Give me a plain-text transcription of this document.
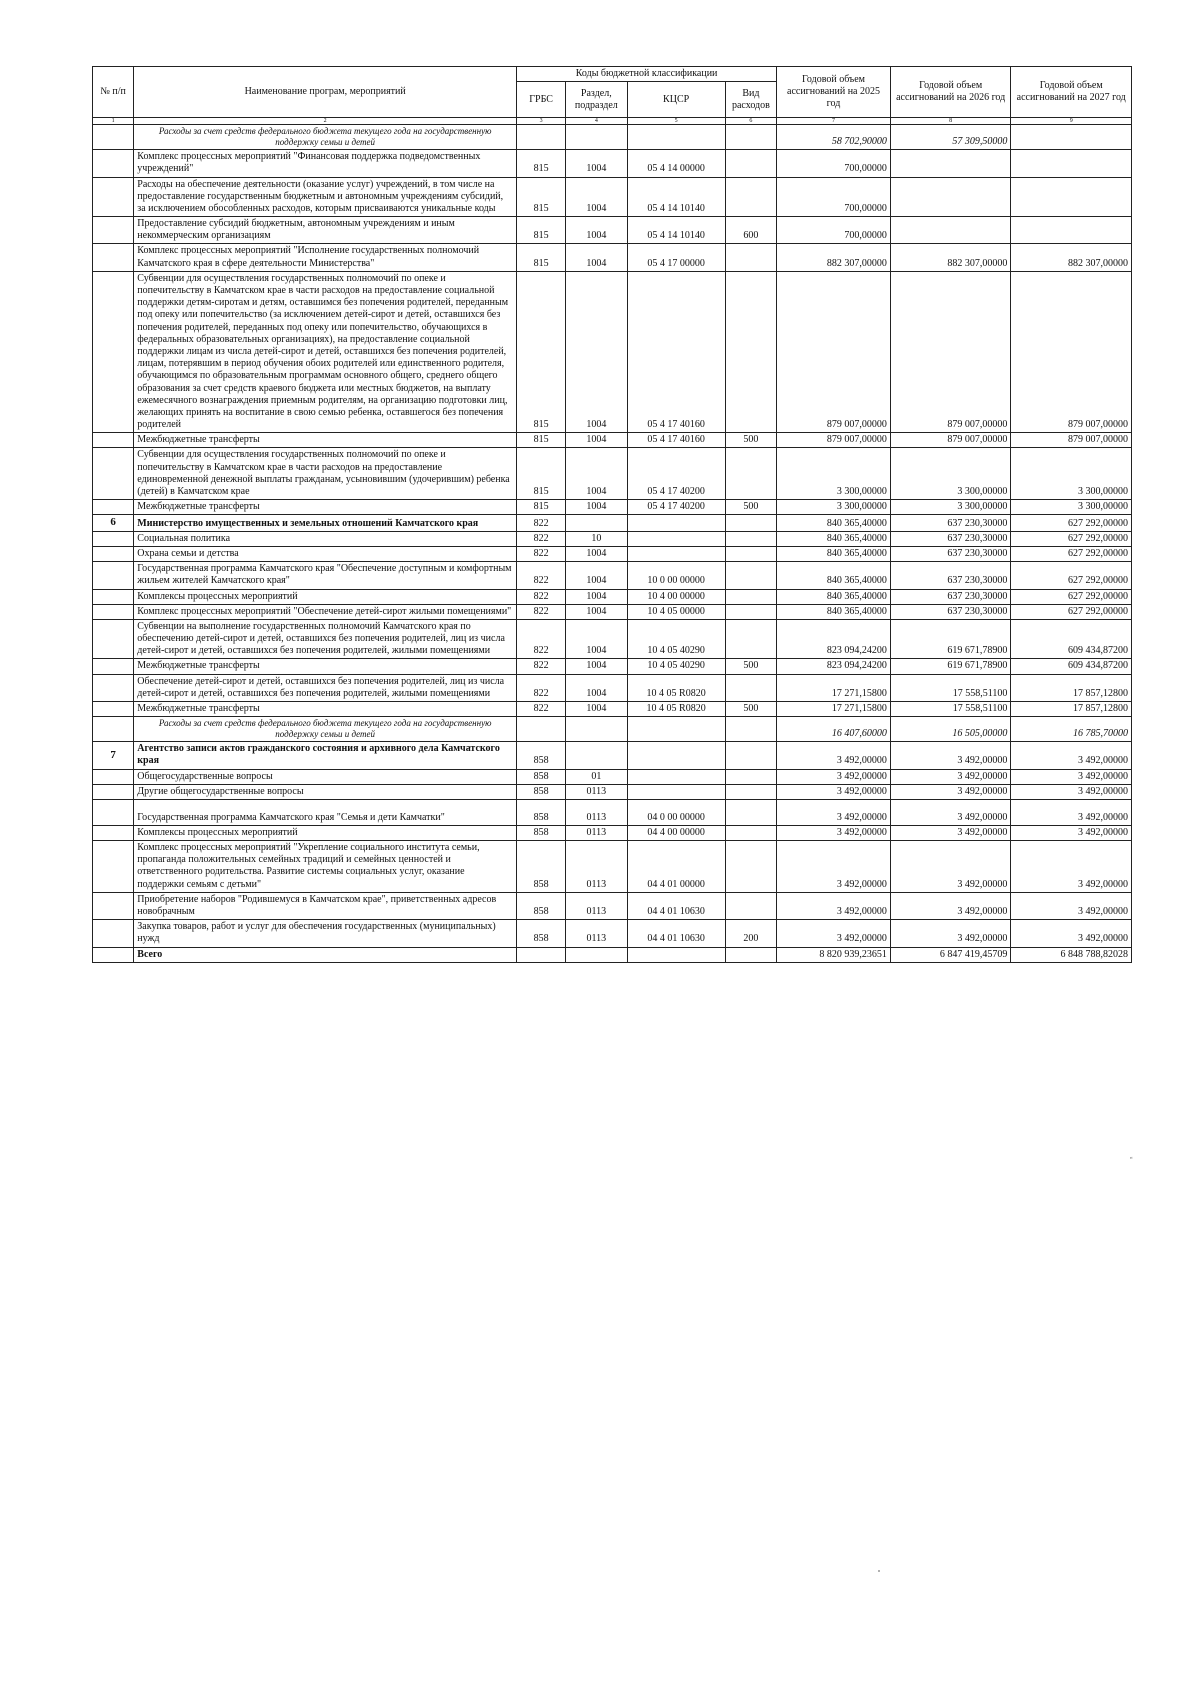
№ п/п	Наименование програм, мероприятий	Коды бюджетной классификации				Годовой объем ассигнований на 2025 год	Годовой объем ассигнований на 2026 год	Годовой объем ассигнований на 2027 год
		ГРБС	Раздел, подраздел	КЦСР	Вид расходов			
1	2	3	4	5	6	7	8	9
	Расходы за счет средств федерального бюджета текущего года на государственную поддержку семьи и детей					58 702,90000	57 309,50000	
	Комплекс процессных мероприятий "Финансовая поддержка подведомственных учреждений"	815	1004	05 4 14 00000		700,00000		
	Расходы на обеспечение деятельности (оказание услуг) учреждений, в том числе на предоставление государственным бюджетным и автономным учреждениям субсидий, за исключением обособленных расходов, которым присваиваются уникальные коды	815	1004	05 4 14 10140		700,00000		
	Предоставление субсидий бюджетным, автономным учреждениям и иным некоммерческим организациям	815	1004	05 4 14 10140	600	700,00000		
	Комплекс процессных мероприятий "Исполнение государственных полномочий Камчатского края в сфере деятельности Министерства"	815	1004	05 4 17 00000		882 307,00000	882 307,00000	882 307,00000
	Субвенции для осуществления государственных полномочий по опеке и попечительству в Камчатском крае в части расходов на предоставление социальной поддержки детям-сиротам и детям, оставшимся без попечения родителей, переданным под опеку или попечительство (за исключением детей-сирот и детей, оставшихся без попечения родителей, переданных под опеку или попечительство, обучающихся в федеральных образовательных организациях), на предоставление социальной поддержки лицам из числа детей-сирот и детей, оставшихся без попечения родителей, лицам, потерявшим в период обучения обоих родителей или единственного родителя, обучающимся по образовательным программам основного общего, среднего общего образования за счет средств краевого бюджета или местных бюджетов, на выплату ежемесячного вознаграждения приемным родителям, на организацию подготовки лиц, желающих принять на воспитание в свою семью ребенка, оставшегося без попечения родителей	815	1004	05 4 17 40160		879 007,00000	879 007,00000	879 007,00000
	Межбюджетные трансферты	815	1004	05 4 17 40160	500	879 007,00000	879 007,00000	879 007,00000
	Субвенции для осуществления государственных полномочий по опеке и попечительству в Камчатском крае в части расходов на предоставление единовременной денежной выплаты гражданам, усыновившим (удочерившим) ребенка (детей) в Камчатском крае	815	1004	05 4 17 40200		3 300,00000	3 300,00000	3 300,00000
	Межбюджетные трансферты	815	1004	05 4 17 40200	500	3 300,00000	3 300,00000	3 300,00000
6	Министерство имущественных и земельных отношений Камчатского края	822				840 365,40000	637 230,30000	627 292,00000
	Социальная политика	822	10			840 365,40000	637 230,30000	627 292,00000
	Охрана семьи и детства	822	1004			840 365,40000	637 230,30000	627 292,00000
	Государственная программа Камчатского края "Обеспечение доступным и комфортным жильем жителей Камчатского края"	822	1004	10 0 00 00000		840 365,40000	637 230,30000	627 292,00000
	Комплексы процессных мероприятий	822	1004	10 4 00 00000		840 365,40000	637 230,30000	627 292,00000
	Комплекс процессных мероприятий "Обеспечение детей-сирот жилыми помещениями"	822	1004	10 4 05 00000		840 365,40000	637 230,30000	627 292,00000
	Субвенции на выполнение государственных полномочий Камчатского края по обеспечению детей-сирот и детей, оставшихся без попечения родителей, лиц из числа детей-сирот и детей, оставшихся без попечения родителей, жилыми помещениями	822	1004	10 4 05 40290		823 094,24200	619 671,78900	609 434,87200
	Межбюджетные трансферты	822	1004	10 4 05 40290	500	823 094,24200	619 671,78900	609 434,87200
	Обеспечение детей-сирот и детей, оставшихся без попечения родителей, лиц из числа детей-сирот и детей, оставшихся без попечения родителей, жилыми помещениями	822	1004	10 4 05 R0820		17 271,15800	17 558,51100	17 857,12800
	Межбюджетные трансферты	822	1004	10 4 05 R0820	500	17 271,15800	17 558,51100	17 857,12800
	Расходы за счет средств федерального бюджета текущего года на государственную поддержку семьи и детей					16 407,60000	16 505,00000	16 785,70000
7	Агентство записи актов гражданского состояния и архивного дела Камчатского края	858				3 492,00000	3 492,00000	3 492,00000
	Общегосударственные вопросы	858	01			3 492,00000	3 492,00000	3 492,00000
	Другие общегосударственные вопросы	858	0113			3 492,00000	3 492,00000	3 492,00000
	Государственная программа Камчатского края "Семья и дети Камчатки"	858	0113	04 0 00 00000		3 492,00000	3 492,00000	3 492,00000
	Комплексы процессных мероприятий	858	0113	04 4 00 00000		3 492,00000	3 492,00000	3 492,00000
	Комплекс процессных мероприятий "Укрепление социального института семьи, пропаганда положительных семейных традиций и семейных ценностей и ответственного родительства. Развитие системы социальных услуг, оказание поддержки семьям с детьми"	858	0113	04 4 01 00000		3 492,00000	3 492,00000	3 492,00000
	Приобретение наборов "Родившемуся в Камчатском крае", приветственных адресов новобрачным	858	0113	04 4 01 10630		3 492,00000	3 492,00000	3 492,00000
	Закупка товаров, работ и услуг для обеспечения государственных (муниципальных) нужд	858	0113	04 4 01 10630	200	3 492,00000	3 492,00000	3 492,00000
	Всего					8 820 939,23651	6 847 419,45709	6 848 788,82028
“
